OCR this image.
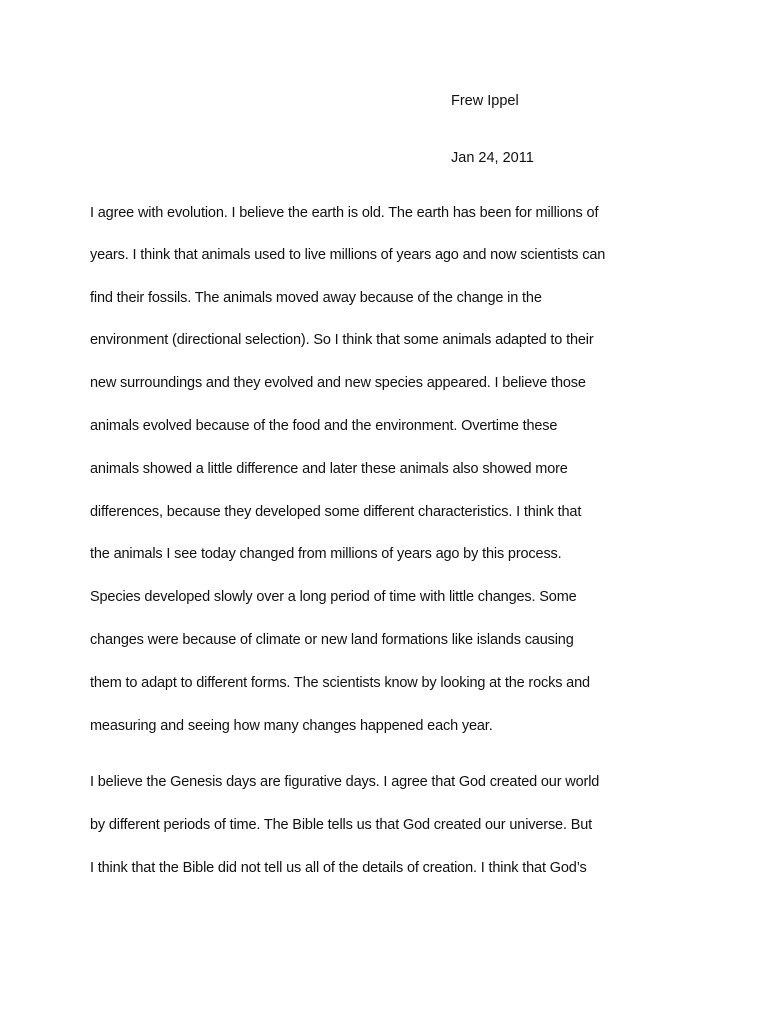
Frew Ippel
Jan 24, 2011
I agree with evolution. I believe the earth is old. The earth has been for millions of
years. I think that animals used to live millions of years ago and now scientists can
find their fossils. The animals moved away because of the change in the
environment (directional selection). So I think that some animals adapted to their
new surroundings and they evolved and new species appeared. I believe those
animals evolved because of the food and the environment. Overtime these
animals showed a little difference and later these animals also showed more
differences, because they developed some different characteristics. I think that
the animals I see today changed from millions of years ago by this process.
Species developed slowly over a long period of time with little changes. Some
changes were because of climate or new land formations like islands causing
them to adapt to different forms. The scientists know by looking at the rocks and
measuring and seeing how many changes happened each year.
I believe the Genesis days are figurative days. I agree that God created our world
by different periods of time. The Bible tells us that God created our universe. But
I think that the Bible did not tell us all of the details of creation. I think that God’s
